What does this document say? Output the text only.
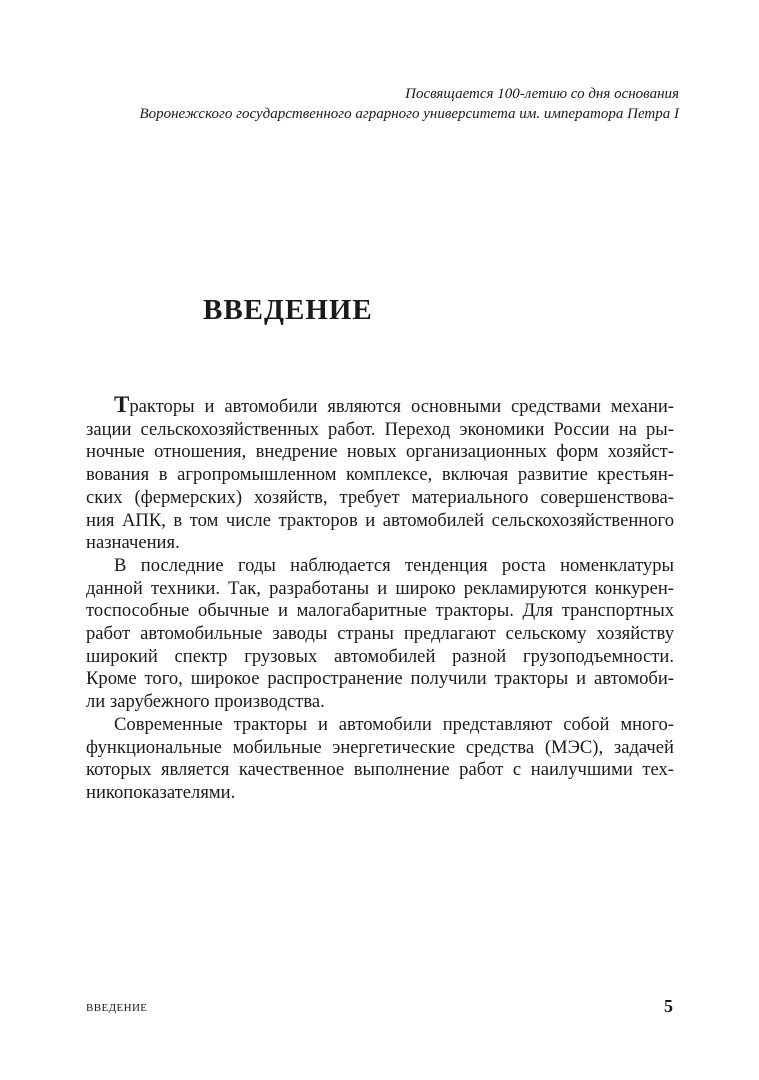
Посвящается 100-летию со дня основания
Воронежского государственного аграрного университета им. императора Петра I
ВВЕДЕНИЕ
Тракторы и автомобили являются основными средствами механи-
зации сельскохозяйственных работ. Переход экономики России на ры-
ночные отношения, внедрение новых организационных форм хозяйст-
вования в агропромышленном комплексе, включая развитие крестьян-
ских (фермерских) хозяйств, требует материального совершенствова-
ния АПК, в том числе тракторов и автомобилей сельскохозяйственного
назначения.
В последние годы наблюдается тенденция роста номенклатуры
данной техники. Так, разработаны и широко рекламируются конкурен-
тоспособные обычные и малогабаритные тракторы. Для транспортных
работ автомобильные заводы страны предлагают сельскому хозяйству
широкий спектр грузовых автомобилей разной грузоподъемности.
Кроме того, широкое распространение получили тракторы и автомоби-
ли зарубежного производства.
Современные тракторы и автомобили представляют собой много-
функциональные мобильные энергетические средства (МЭС), задачей
которых является качественное выполнение работ с наилучшими тех-
никопоказателями.
ВВЕДЕНИЕ	5
